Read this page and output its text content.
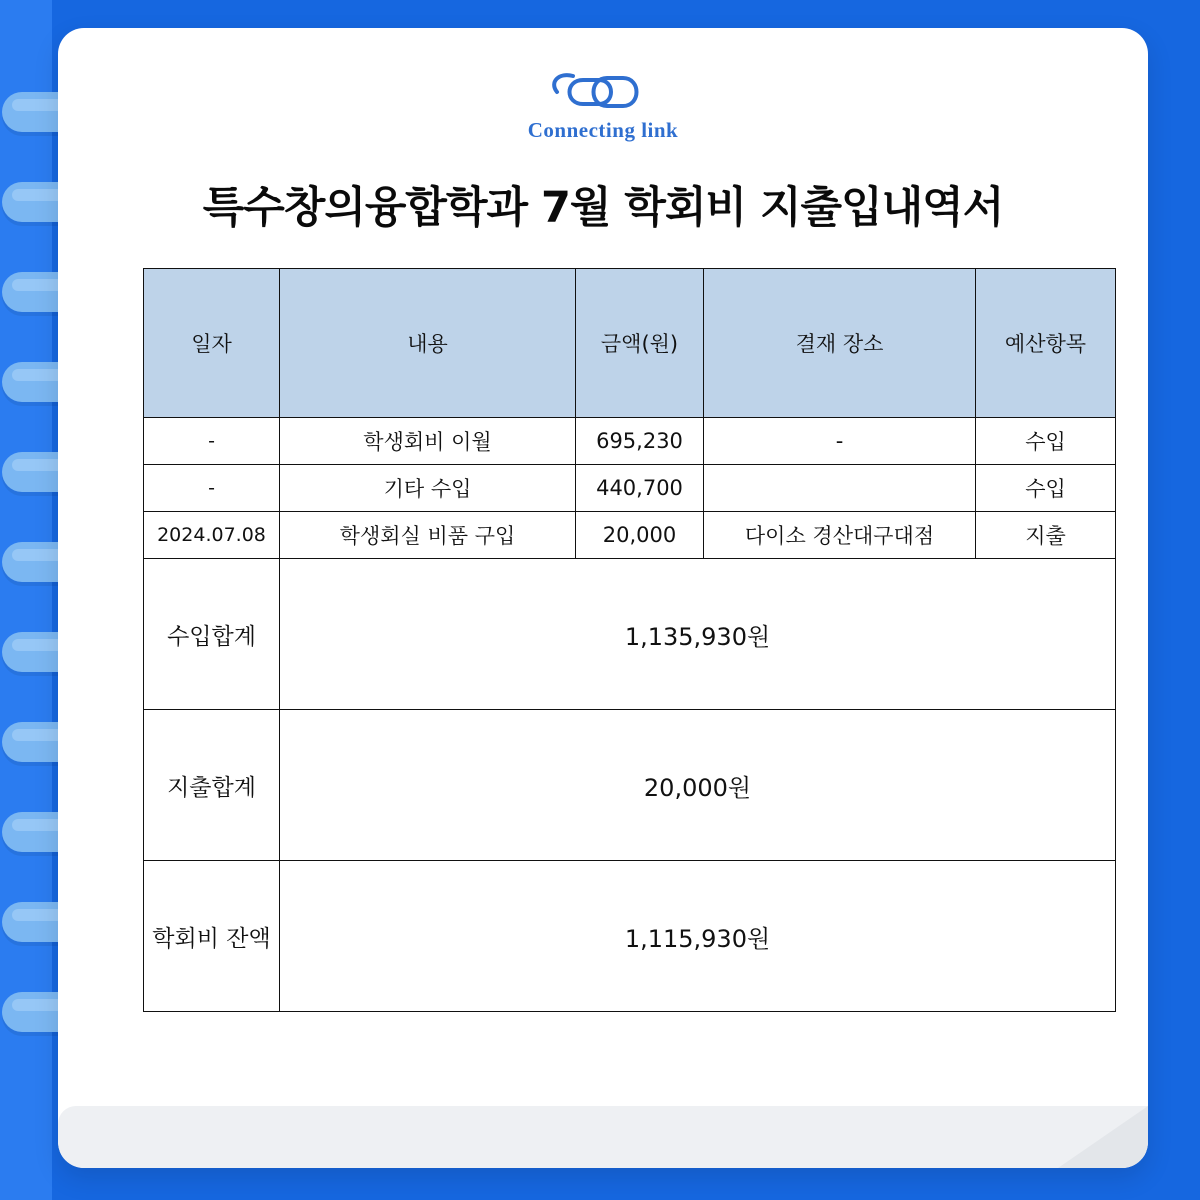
Connecting link
특수창의융합학과 7월 학회비 지출입내역서
일자	내용	금액(원)	결재 장소	예산항목
-	학생회비 이월	695,230	-	수입
-	기타 수입	440,700		수입
2024.07.08	학생회실 비품 구입	20,000	다이소 경산대구대점	지출
수입합계	1,135,930원			
지출합계	20,000원			
학회비 잔액	1,115,930원			
